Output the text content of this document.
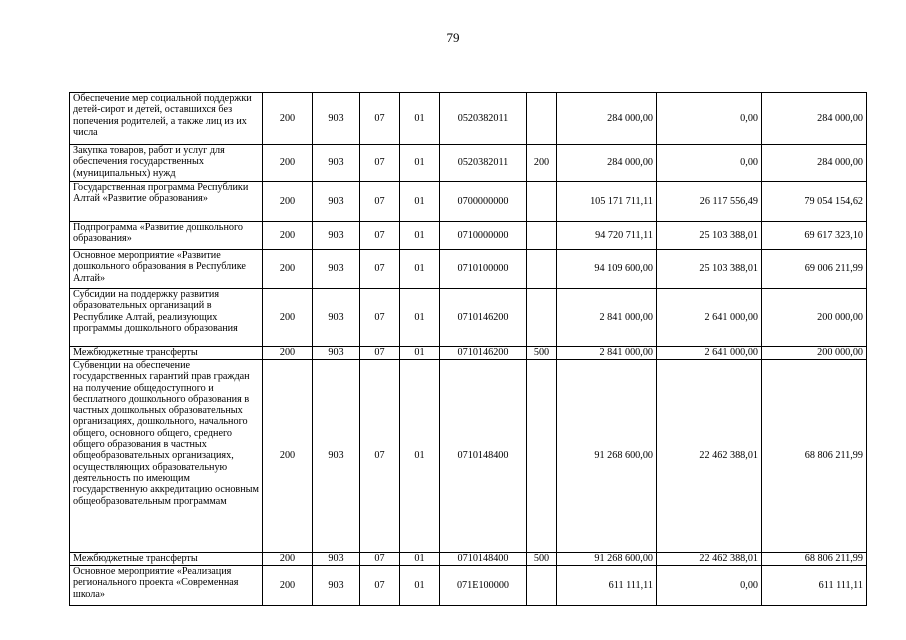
79
Обеспечение мер социальной поддержки детей-сирот и детей, оставшихся без попечения родителей, а также лиц из их числа	200	903	07	01	0520382011		284 000,00	0,00	284 000,00
Закупка товаров, работ и услуг для обеспечения государственных (муниципальных) нужд	200	903	07	01	0520382011	200	284 000,00	0,00	284 000,00
Государственная программа Республики Алтай «Развитие образования»	200	903	07	01	0700000000		105 171 711,11	26 117 556,49	79 054 154,62
Подпрограмма «Развитие дошкольного образования»	200	903	07	01	0710000000		94 720 711,11	25 103 388,01	69 617 323,10
Основное мероприятие «Развитие дошкольного образования в Республике Алтай»	200	903	07	01	0710100000		94 109 600,00	25 103 388,01	69 006 211,99
Субсидии на поддержку развития образовательных организаций в Республике Алтай, реализующих программы дошкольного образования	200	903	07	01	0710146200		2 841 000,00	2 641 000,00	200 000,00
Межбюджетные трансферты	200	903	07	01	0710146200	500	2 841 000,00	2 641 000,00	200 000,00
Субвенции на обеспечение государственных гарантий прав граждан на получение общедоступного и бесплатного дошкольного образования в частных дошкольных образовательных организациях, дошкольного, начального общего, основного общего, среднего общего образования в частных общеобразовательных организациях, осуществляющих образовательную деятельность по имеющим государственную аккредитацию основным общеобразовательным программам	200	903	07	01	0710148400		91 268 600,00	22 462 388,01	68 806 211,99
Межбюджетные трансферты	200	903	07	01	0710148400	500	91 268 600,00	22 462 388,01	68 806 211,99
Основное мероприятие «Реализация регионального проекта «Современная школа»	200	903	07	01	071E100000		611 111,11	0,00	611 111,11
